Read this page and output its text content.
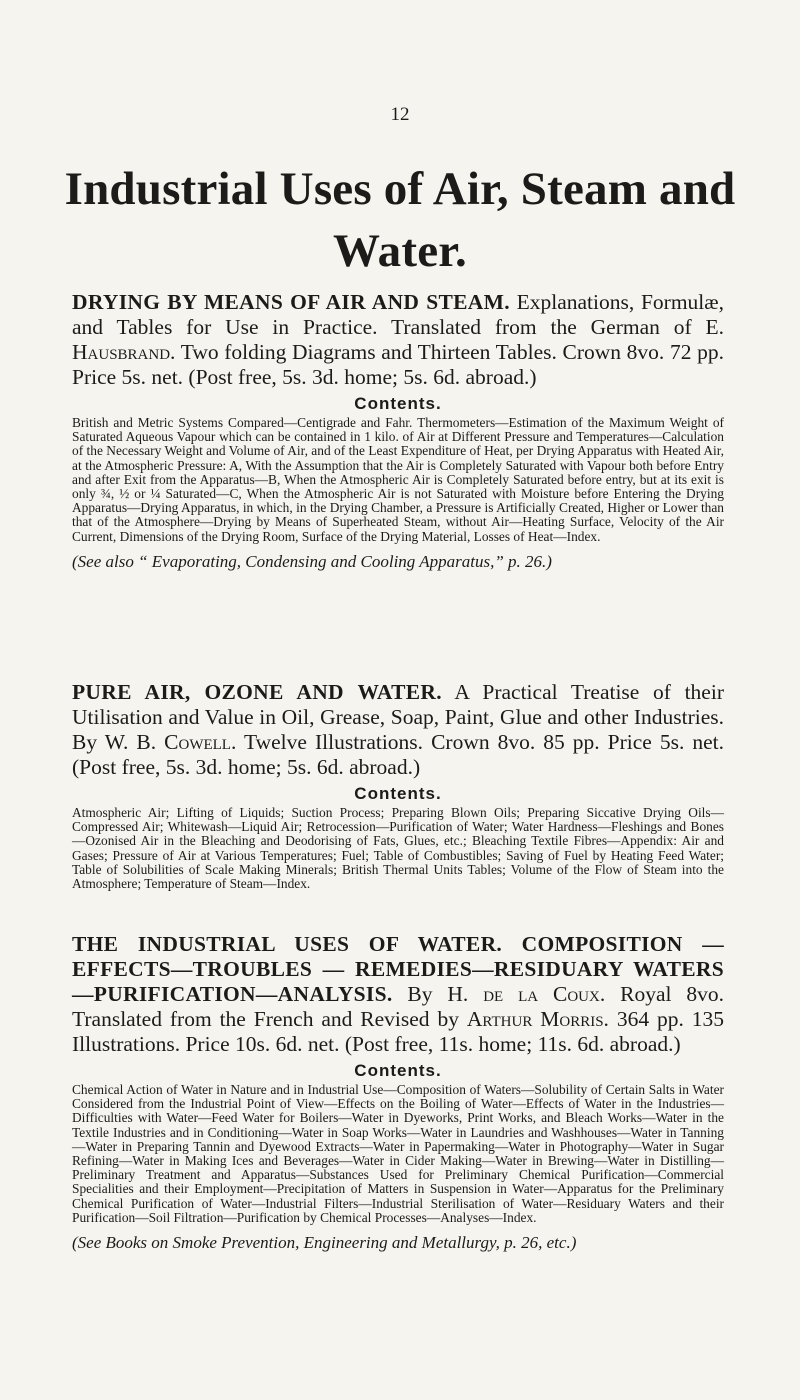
12
Industrial Uses of Air, Steam and Water.

DRYING BY MEANS OF AIR AND STEAM. Explanations, Formulæ, and Tables for Use in Practice. Translated from the German of E. Hausbrand. Two folding Diagrams and Thirteen Tables. Crown 8vo. 72 pp. Price 5s. net. (Post free, 5s. 3d. home; 5s. 6d. abroad.)

Contents.

British and Metric Systems Compared—Centigrade and Fahr. Thermometers—Estimation of the Maximum Weight of Saturated Aqueous Vapour which can be contained in 1 kilo. of Air at Different Pressure and Temperatures—Calculation of the Necessary Weight and Volume of Air, and of the Least Expenditure of Heat, per Drying Apparatus with Heated Air, at the Atmospheric Pressure: A, With the Assumption that the Air is Completely Saturated with Vapour both before Entry and after Exit from the Apparatus—B, When the Atmospheric Air is Completely Saturated before entry, but at its exit is only ¾, ½ or ¼ Saturated—C, When the Atmospheric Air is not Saturated with Moisture before Entering the Drying Apparatus—Drying Apparatus, in which, in the Drying Chamber, a Pressure is Artificially Created, Higher or Lower than that of the Atmosphere—Drying by Means of Superheated Steam, without Air—Heating Surface, Velocity of the Air Current, Dimensions of the Drying Room, Surface of the Drying Material, Losses of Heat—Index.

(See also “ Evaporating, Condensing and Cooling Apparatus,” p. 26.)

PURE AIR, OZONE AND WATER. A Practical Treatise of their Utilisation and Value in Oil, Grease, Soap, Paint, Glue and other Industries. By W. B. Cowell. Twelve Illustrations. Crown 8vo. 85 pp. Price 5s. net. (Post free, 5s. 3d. home; 5s. 6d. abroad.)

Contents.

Atmospheric Air; Lifting of Liquids; Suction Process; Preparing Blown Oils; Preparing Siccative Drying Oils—Compressed Air; Whitewash—Liquid Air; Retrocession—Purification of Water; Water Hardness—Fleshings and Bones—Ozonised Air in the Bleaching and Deodorising of Fats, Glues, etc.; Bleaching Textile Fibres—Appendix: Air and Gases; Pressure of Air at Various Temperatures; Fuel; Table of Combustibles; Saving of Fuel by Heating Feed Water; Table of Solubilities of Scale Making Minerals; British Thermal Units Tables; Volume of the Flow of Steam into the Atmosphere; Temperature of Steam—Index.

THE INDUSTRIAL USES OF WATER. COMPOSITION — EFFECTS—TROUBLES — REMEDIES—RESIDUARY WATERS—PURIFICATION—ANALYSIS. By H. de la Coux. Royal 8vo. Translated from the French and Revised by Arthur Morris. 364 pp. 135 Illustrations. Price 10s. 6d. net. (Post free, 11s. home; 11s. 6d. abroad.)

Contents.

Chemical Action of Water in Nature and in Industrial Use—Composition of Waters—Solubility of Certain Salts in Water Considered from the Industrial Point of View—Effects on the Boiling of Water—Effects of Water in the Industries—Difficulties with Water—Feed Water for Boilers—Water in Dyeworks, Print Works, and Bleach Works—Water in the Textile Industries and in Conditioning—Water in Soap Works—Water in Laundries and Washhouses—Water in Tanning—Water in Preparing Tannin and Dyewood Extracts—Water in Papermaking—Water in Photography—Water in Sugar Refining—Water in Making Ices and Beverages—Water in Cider Making—Water in Brewing—Water in Distilling—Preliminary Treatment and Apparatus—Substances Used for Preliminary Chemical Purification—Commercial Specialities and their Employment—Precipitation of Matters in Suspension in Water—Apparatus for the Preliminary Chemical Purification of Water—Industrial Filters—Industrial Sterilisation of Water—Residuary Waters and their Purification—Soil Filtration—Purification by Chemical Processes—Analyses—Index.

(See Books on Smoke Prevention, Engineering and Metallurgy, p. 26, etc.)
